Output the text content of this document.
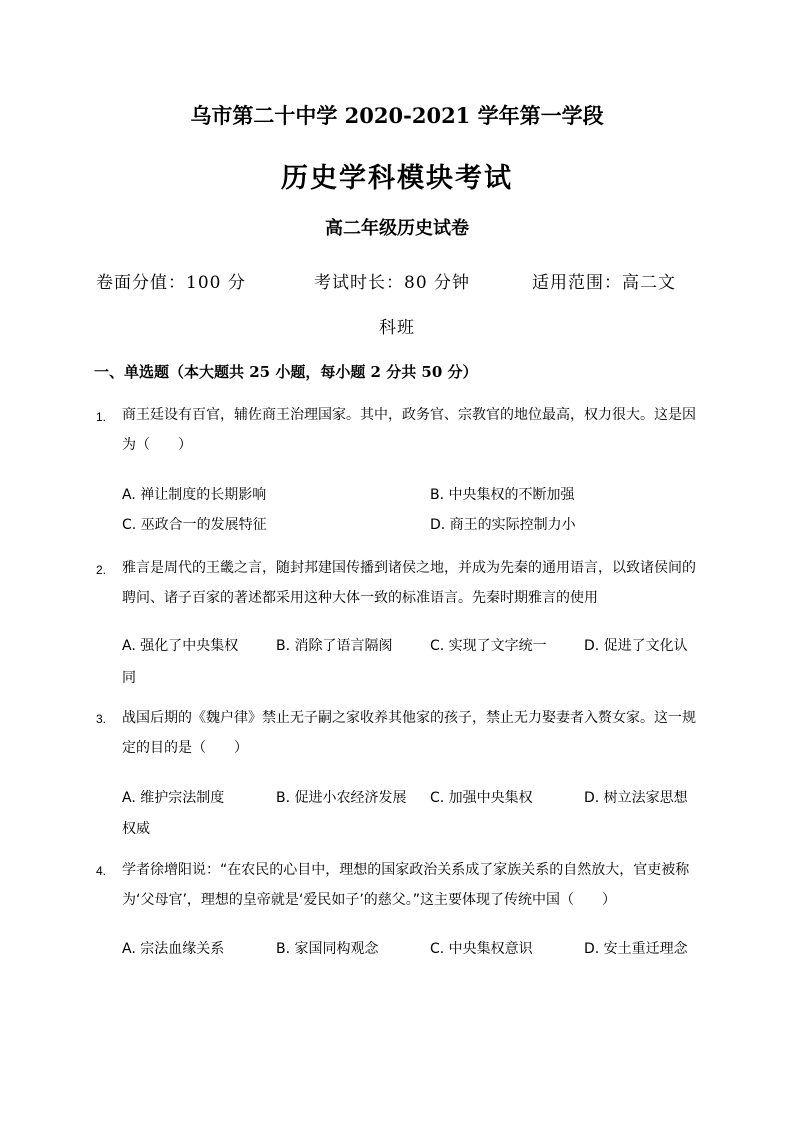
乌市第二十中学 2020-2021 学年第一学段
历史学科模块考试
高二年级历史试卷
卷面分值：100 分	考试时长：80 分钟	适用范围：高二文
科班
一、单选题（本大题共 25 小题，每小题 2 分共 50 分）
1. 商王廷设有百官，辅佐商王治理国家。其中，政务官、宗教官的地位最高，权力很大。这是因
为（　　）
A. 禅让制度的长期影响	B. 中央集权的不断加强
C. 巫政合一的发展特征	D. 商王的实际控制力小
2. 雅言是周代的王畿之言，随封邦建国传播到诸侯之地，并成为先秦的通用语言，以致诸侯间的
聘问、诸子百家的著述都采用这种大体一致的标准语言。先秦时期雅言的使用
A. 强化了中央集权	B. 消除了语言隔阂	C. 实现了文字统一	D. 促进了文化认
同
3. 战国后期的《魏户律》禁止无子嗣之家收养其他家的孩子，禁止无力娶妻者入赘女家。这一规
定的目的是（　　）
A. 维护宗法制度	B. 促进小农经济发展 C. 加强中央集权	D. 树立法家思想
权威
4. 学者徐增阳说：“在农民的心目中，理想的国家政治关系成了家族关系的自然放大，官吏被称
为‘父母官’，理想的皇帝就是‘爱民如子’的慈父。”这主要体现了传统中国（　　）
A. 宗法血缘关系	B. 家国同构观念	C. 中央集权意识	D. 安土重迁理念
